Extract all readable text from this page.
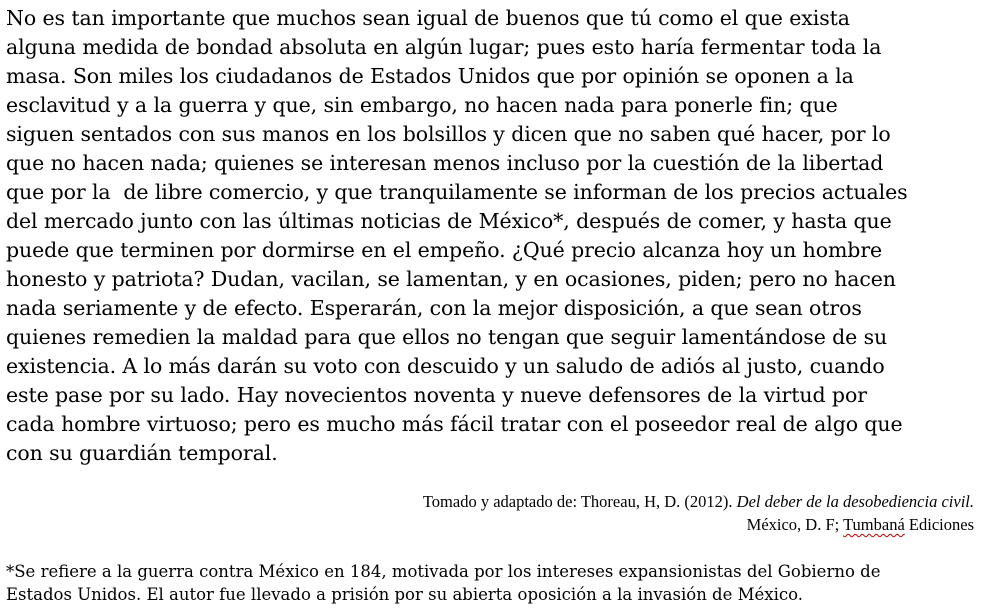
No es tan importante que muchos sean igual de buenos que tú como el que exista
alguna medida de bondad absoluta en algún lugar; pues esto haría fermentar toda la
masa. Son miles los ciudadanos de Estados Unidos que por opinión se oponen a la
esclavitud y a la guerra y que, sin embargo, no hacen nada para ponerle fin; que
siguen sentados con sus manos en los bolsillos y dicen que no saben qué hacer, por lo
que no hacen nada; quienes se interesan menos incluso por la cuestión de la libertad
que por la  de libre comercio, y que tranquilamente se informan de los precios actuales
del mercado junto con las últimas noticias de México*, después de comer, y hasta que
puede que terminen por dormirse en el empeño. ¿Qué precio alcanza hoy un hombre
honesto y patriota? Dudan, vacilan, se lamentan, y en ocasiones, piden; pero no hacen
nada seriamente y de efecto. Esperarán, con la mejor disposición, a que sean otros
quienes remedien la maldad para que ellos no tengan que seguir lamentándose de su
existencia. A lo más darán su voto con descuido y un saludo de adiós al justo, cuando
este pase por su lado. Hay novecientos noventa y nueve defensores de la virtud por
cada hombre virtuoso; pero es mucho más fácil tratar con el poseedor real de algo que
con su guardián temporal.
Tomado y adaptado de: Thoreau, H, D. (2012). Del deber de la desobediencia civil.
México, D. F; Tumbaná Ediciones
*Se refiere a la guerra contra México en 184, motivada por los intereses expansionistas del Gobierno de
Estados Unidos. El autor fue llevado a prisión por su abierta oposición a la invasión de México.
